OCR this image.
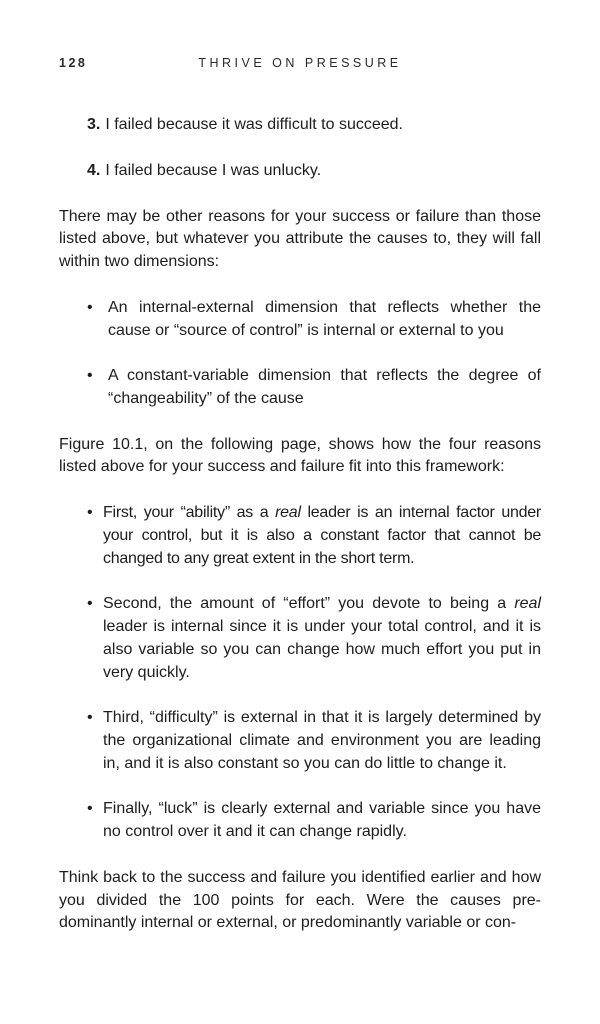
128	THRIVE ON PRESSURE
3. I failed because it was difficult to succeed.
4. I failed because I was unlucky.

There may be other reasons for your success or failure than those listed above, but whatever you attribute the causes to, they will fall within two dimensions:

• An internal-external dimension that reflects whether the cause or “source of control” is internal or external to you
• A constant-variable dimension that reflects the degree of “changeability” of the cause

Figure 10.1, on the following page, shows how the four reasons listed above for your success and failure fit into this framework:

• First, your “ability” as a real leader is an internal factor under your control, but it is also a constant factor that cannot be changed to any great extent in the short term.
• Second, the amount of “effort” you devote to being a real leader is internal since it is under your total control, and it is also variable so you can change how much effort you put in very quickly.
• Third, “difficulty” is external in that it is largely determined by the organizational climate and environment you are leading in, and it is also constant so you can do little to change it.
• Finally, “luck” is clearly external and variable since you have no control over it and it can change rapidly.

Think back to the success and failure you identified earlier and how you divided the 100 points for each. Were the causes pre-dominantly internal or external, or predominantly variable or con-
